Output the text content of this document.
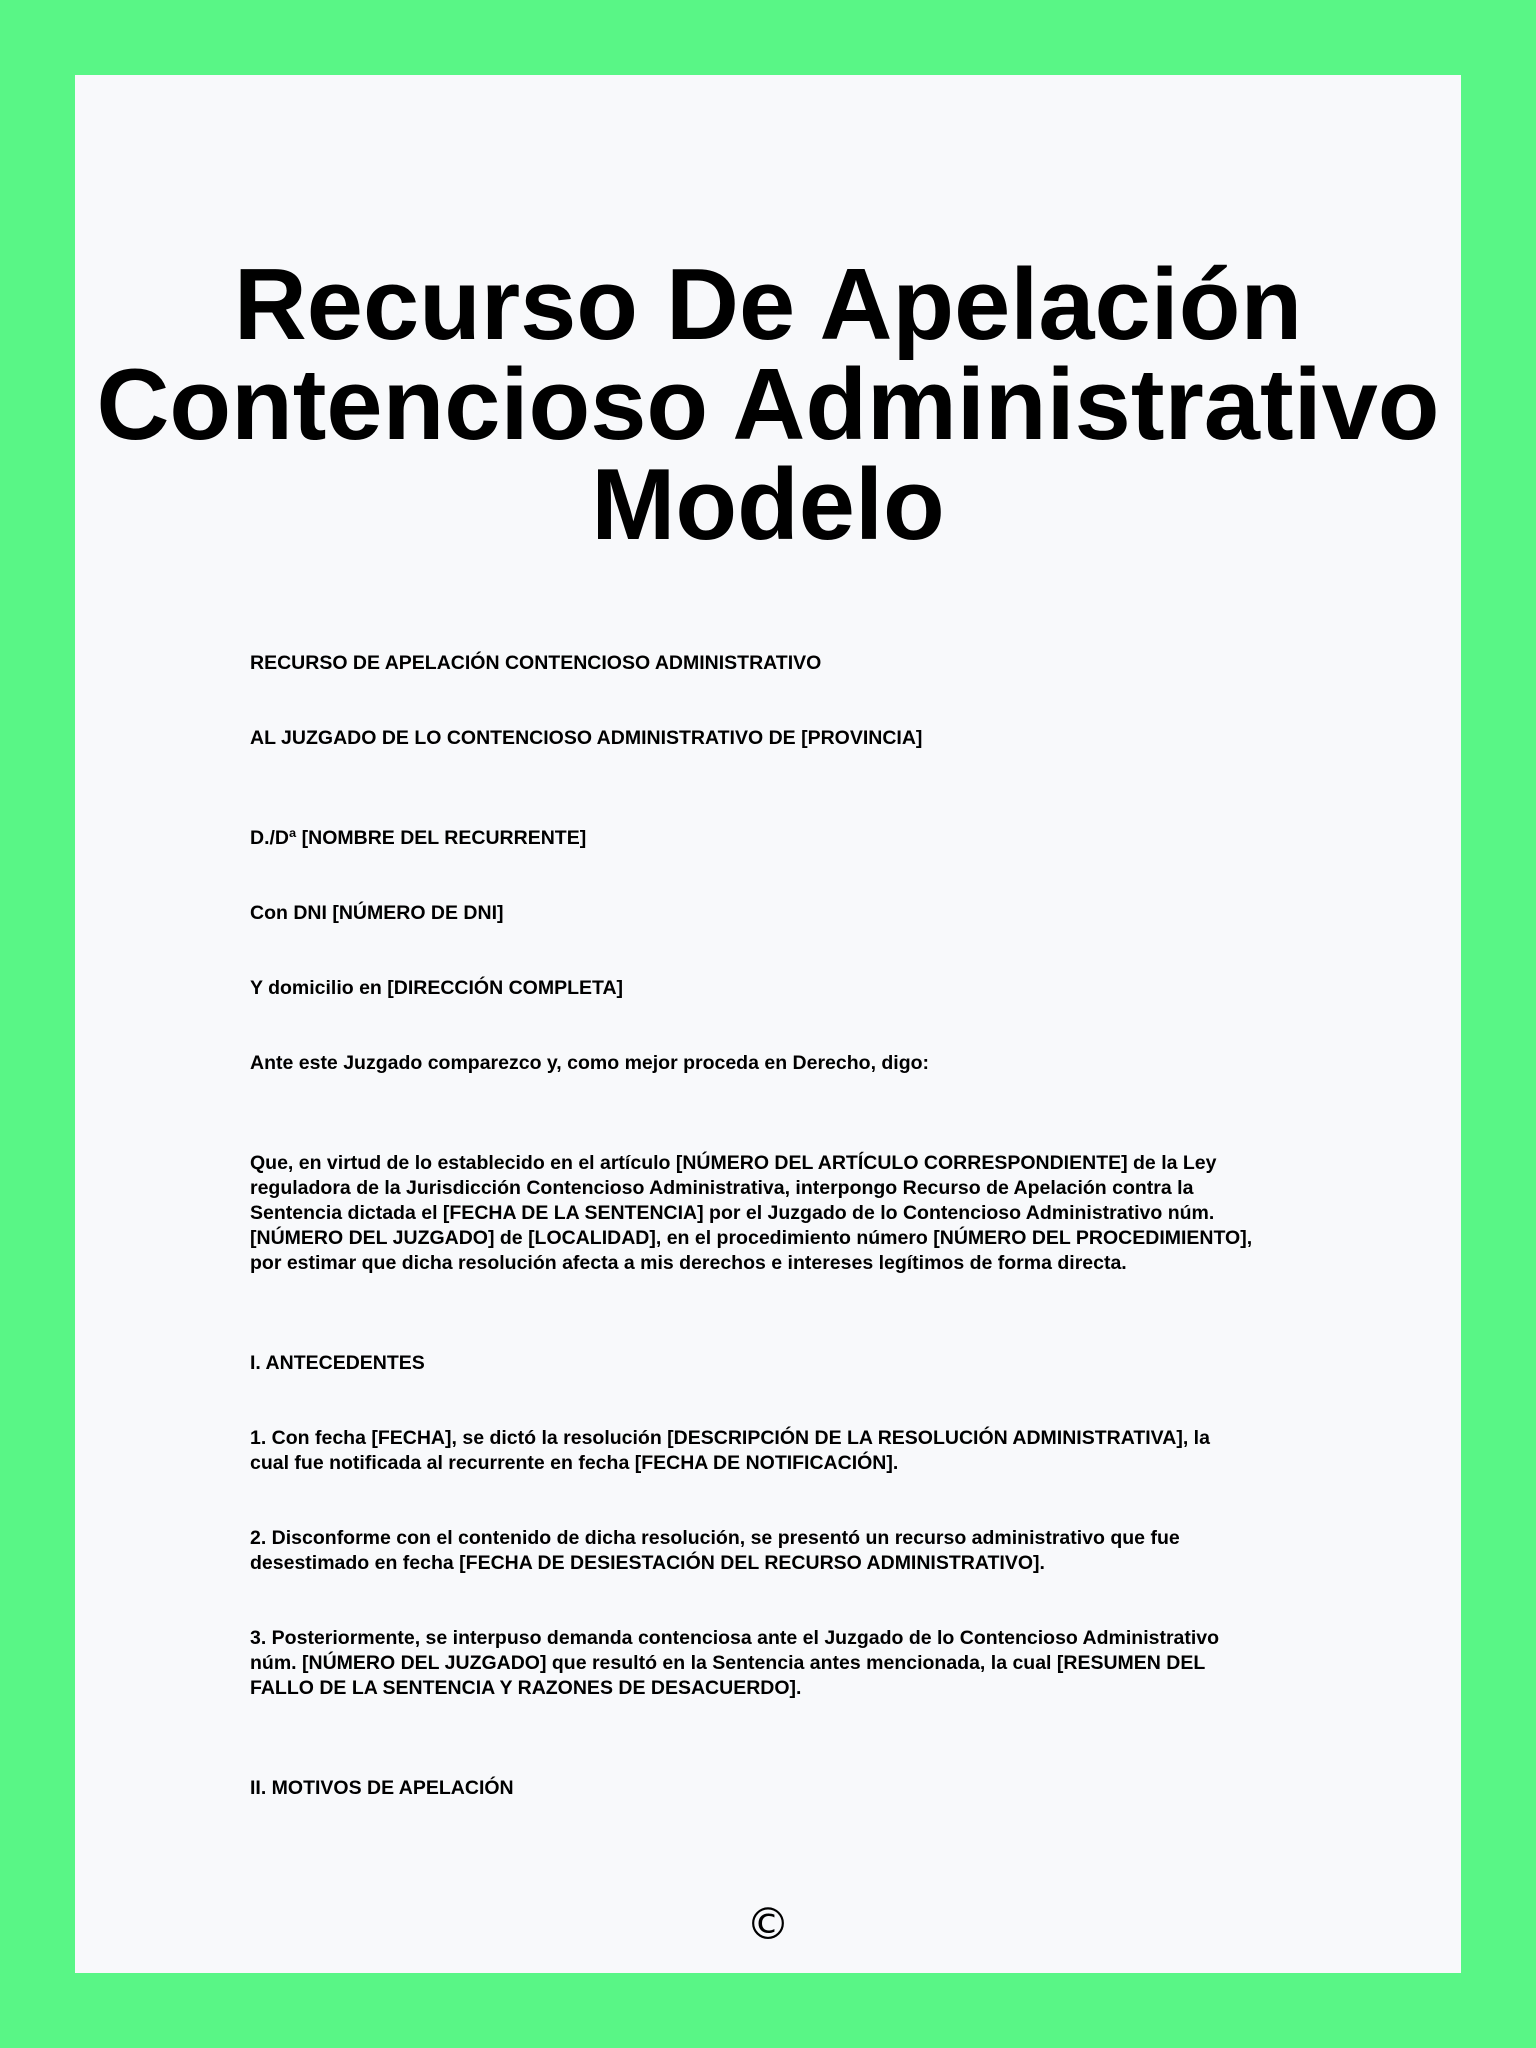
Recurso De Apelación
Contencioso Administrativo
Modelo

RECURSO DE APELACIÓN CONTENCIOSO ADMINISTRATIVO

AL JUZGADO DE LO CONTENCIOSO ADMINISTRATIVO DE [PROVINCIA]

D./Dª [NOMBRE DEL RECURRENTE]

Con DNI [NÚMERO DE DNI]

Y domicilio en [DIRECCIÓN COMPLETA]

Ante este Juzgado comparezco y, como mejor proceda en Derecho, digo:

Que, en virtud de lo establecido en el artículo [NÚMERO DEL ARTÍCULO CORRESPONDIENTE] de la Ley
reguladora de la Jurisdicción Contencioso Administrativa, interpongo Recurso de Apelación contra la
Sentencia dictada el [FECHA DE LA SENTENCIA] por el Juzgado de lo Contencioso Administrativo núm.
[NÚMERO DEL JUZGADO] de [LOCALIDAD], en el procedimiento número [NÚMERO DEL PROCEDIMIENTO],
por estimar que dicha resolución afecta a mis derechos e intereses legítimos de forma directa.

I. ANTECEDENTES

1. Con fecha [FECHA], se dictó la resolución [DESCRIPCIÓN DE LA RESOLUCIÓN ADMINISTRATIVA], la
cual fue notificada al recurrente en fecha [FECHA DE NOTIFICACIÓN].

2. Disconforme con el contenido de dicha resolución, se presentó un recurso administrativo que fue
desestimado en fecha [FECHA DE DESIESTACIÓN DEL RECURSO ADMINISTRATIVO].

3. Posteriormente, se interpuso demanda contenciosa ante el Juzgado de lo Contencioso Administrativo
núm. [NÚMERO DEL JUZGADO] que resultó en la Sentencia antes mencionada, la cual [RESUMEN DEL
FALLO DE LA SENTENCIA Y RAZONES DE DESACUERDO].

II. MOTIVOS DE APELACIÓN

©
